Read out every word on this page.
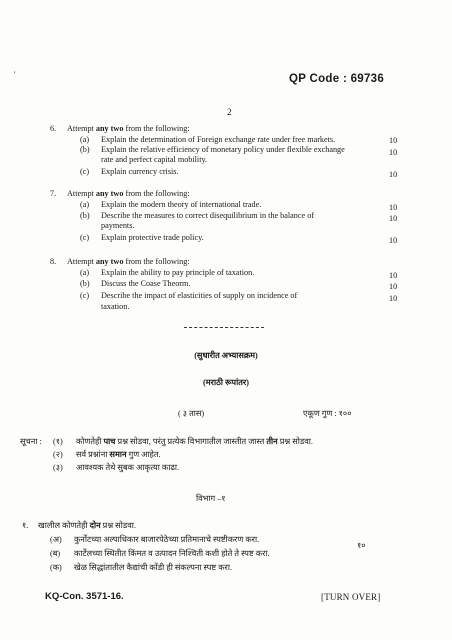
'	QP Code : 69736
2
6. Attempt any two from the following:
(a) Explain the determination of Foreign exchange rate under free markets.	10
(b) Explain the relative efficiency of monetary policy under flexible exchange	10
rate and perfect capital mobility.
(c) Explain currency crisis.	10
7. Attempt any two from the following:
(a) Explain the modern theory of international trade.	10
(b) Describe the measures to correct disequilibrium in the balance of	10
payments.
(c) Explain protective trade policy.	10
8. Attempt any two from the following:
(a) Explain the ability to pay principle of taxation.	10
(b) Discuss the Coase Theorm.	10
(c) Describe the impact of elasticities of supply on incidence of	10
taxation.
(सुधारीत अभ्यासक्रम)
(मराठी रूपांतर)
( ३ तास)	एकूण गुण : १००
सूचना : (१) कोणतेही पाच प्रश्न सोडवा, परंतु प्रत्येक विभागातील जास्तीत जास्त तीन प्रश्न सोडवा.
(२) सर्व प्रश्नांना समान गुण आहेत.
(३) आवश्यक तेथे सुबक आकृत्या काढा.
विभाग –१
१. खालील कोणतेही दोन प्रश्न सोडवा.
(अ) कुर्नोटच्या अल्पाधिकार बाजारपेठेच्या प्रतिमानाचे स्पष्टीकरण करा.
१०
(ब) कार्टेलच्या स्थितीत किंमत व उत्पादन निश्चिती कशी होते ते स्पष्ट करा.
(क) खेळ सिद्धांतातील कैद्यांची कोंडी ही संकल्पना स्पष्ट करा.
KQ-Con. 3571-16.	[TURN OVER]
